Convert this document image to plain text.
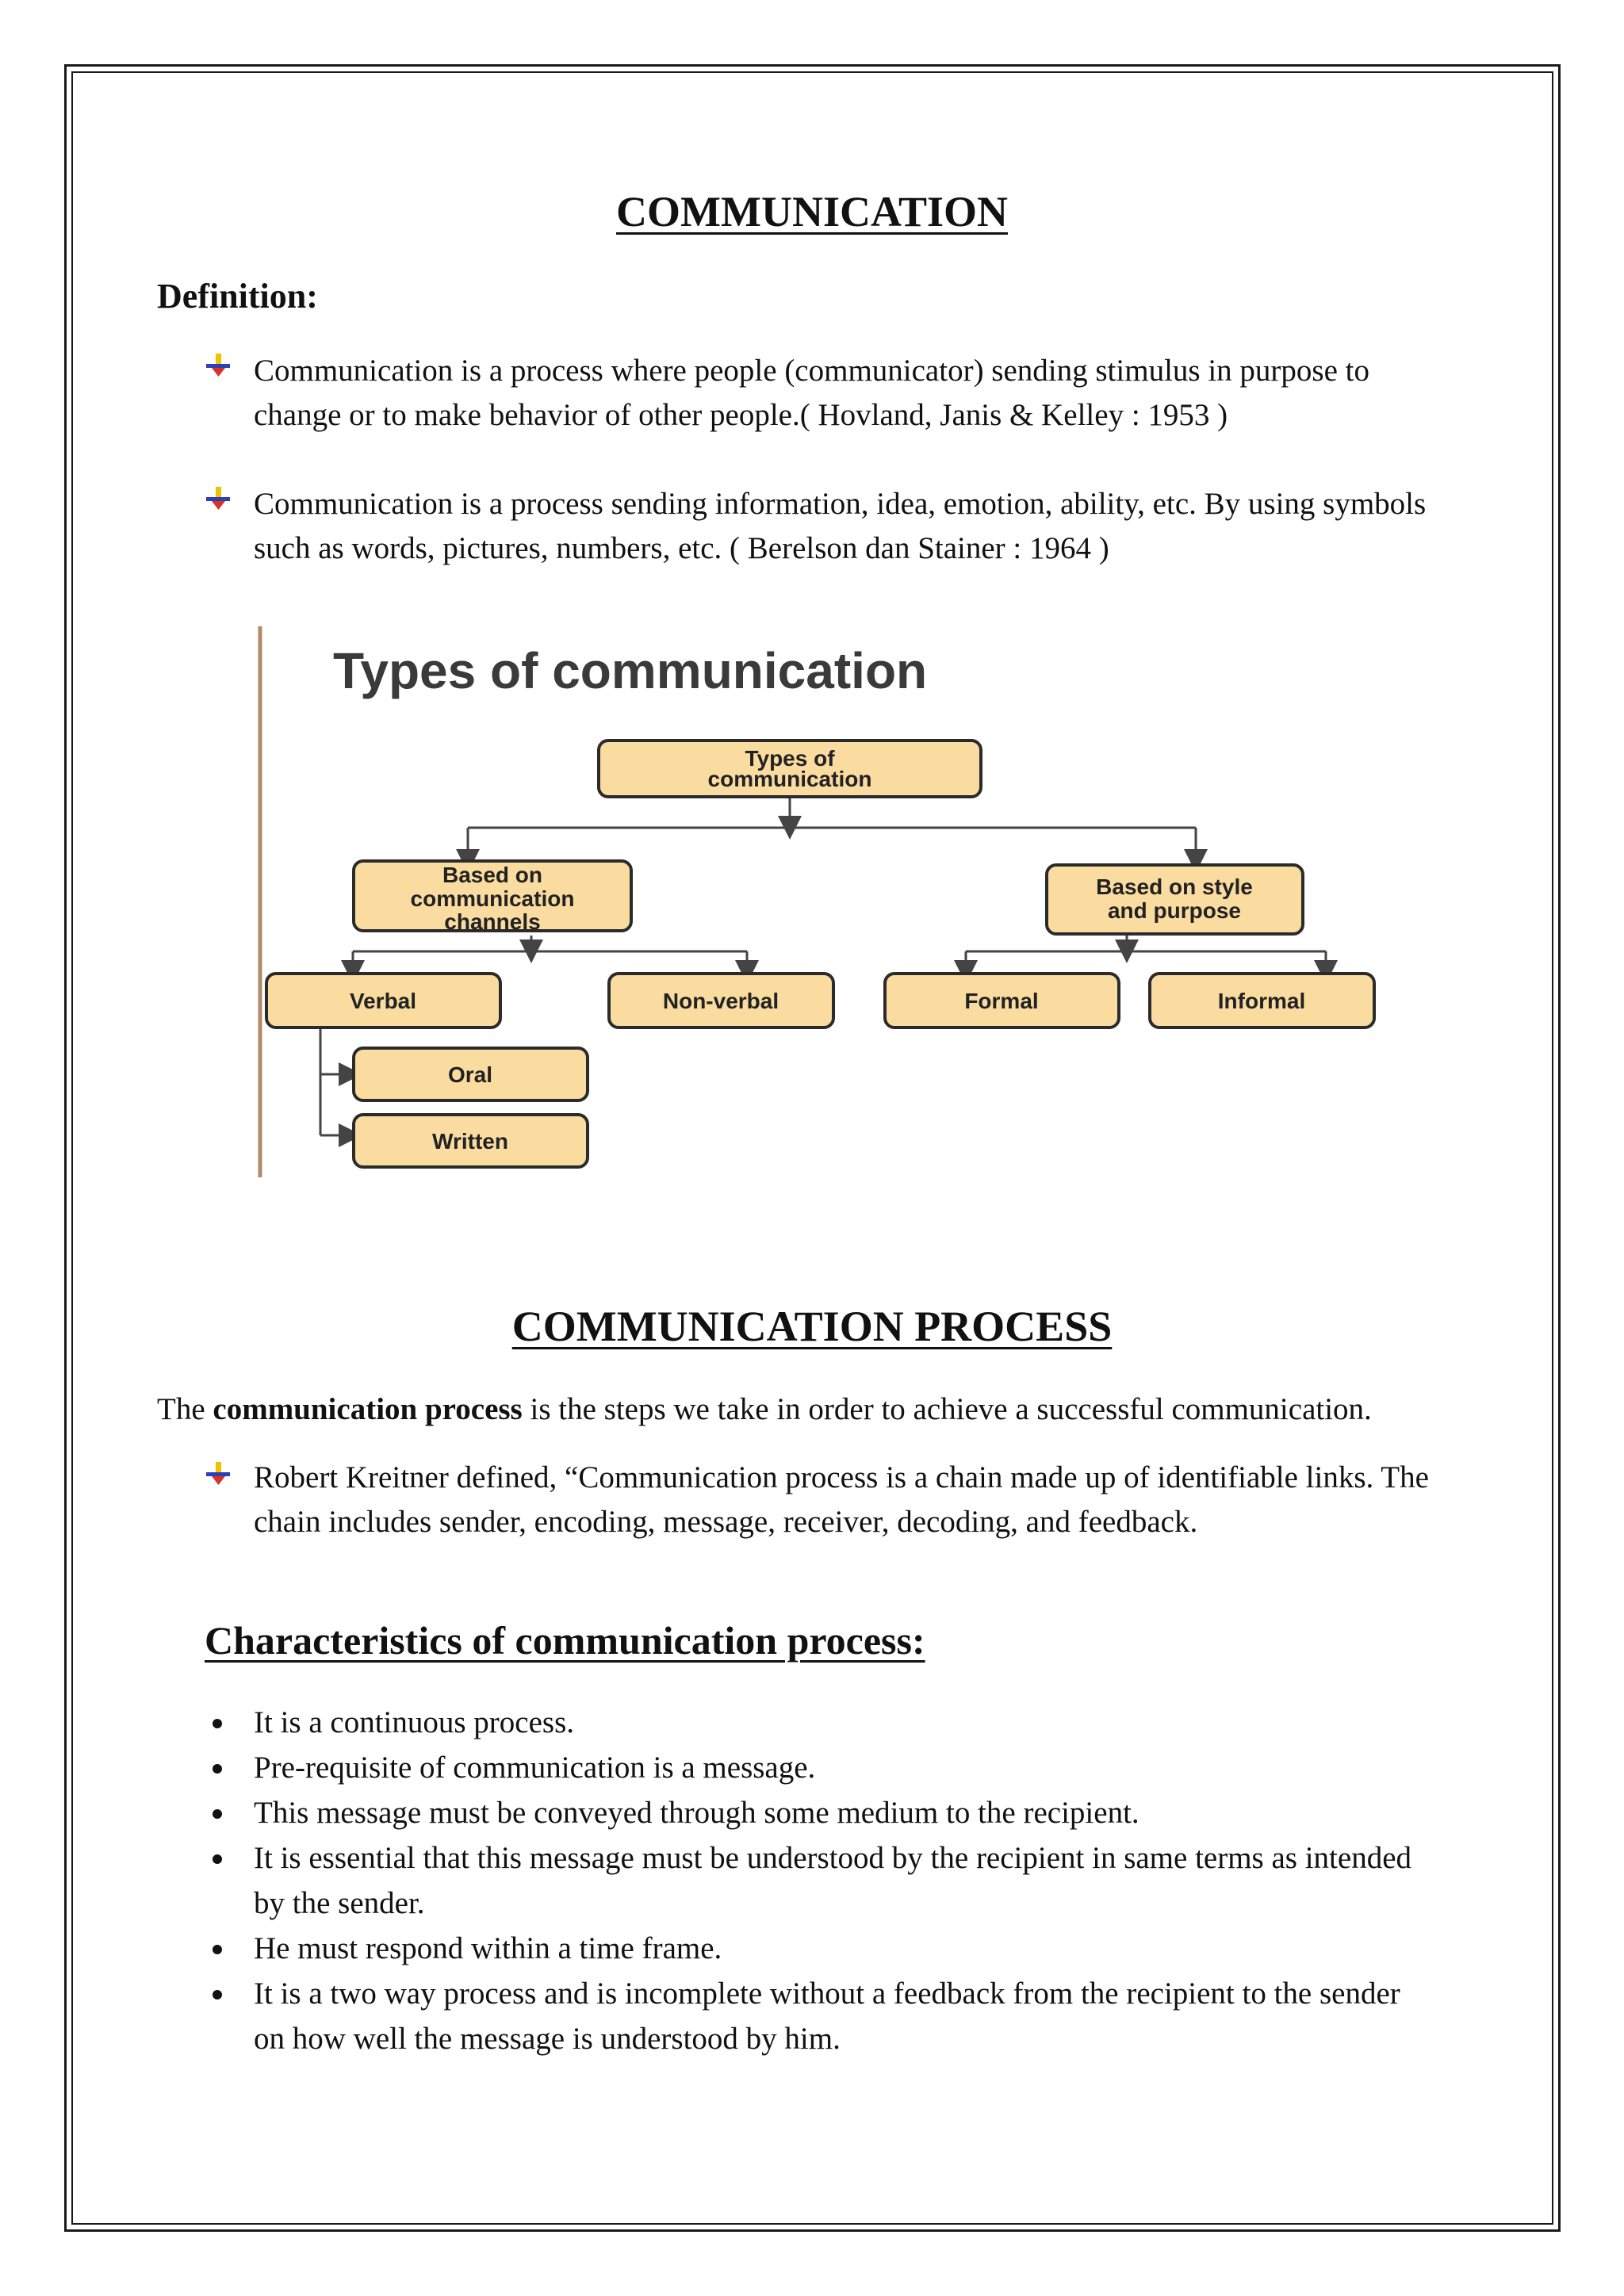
COMMUNICATION
Definition:
Communication is a process where people (communicator) sending stimulus in purpose to
change or to make behavior of other people.( Hovland, Janis & Kelley : 1953 )
Communication is a process sending information, idea, emotion, ability, etc. By using symbols
such as words, pictures, numbers, etc. ( Berelson dan Stainer : 1964 )
Types of communication
Types of
communication
Based on
communication
channels
Based on style
and purpose
Verbal	Non-verbal	Formal	Informal
Oral
Written
COMMUNICATION PROCESS
The communication process is the steps we take in order to achieve a successful communication.
Robert Kreitner defined, “Communication process is a chain made up of identifiable links. The
chain includes sender, encoding, message, receiver, decoding, and feedback.
Characteristics of communication process:
It is a continuous process.
Pre-requisite of communication is a message.
This message must be conveyed through some medium to the recipient.
It is essential that this message must be understood by the recipient in same terms as intended
by the sender.
He must respond within a time frame.
It is a two way process and is incomplete without a feedback from the recipient to the sender
on how well the message is understood by him.
